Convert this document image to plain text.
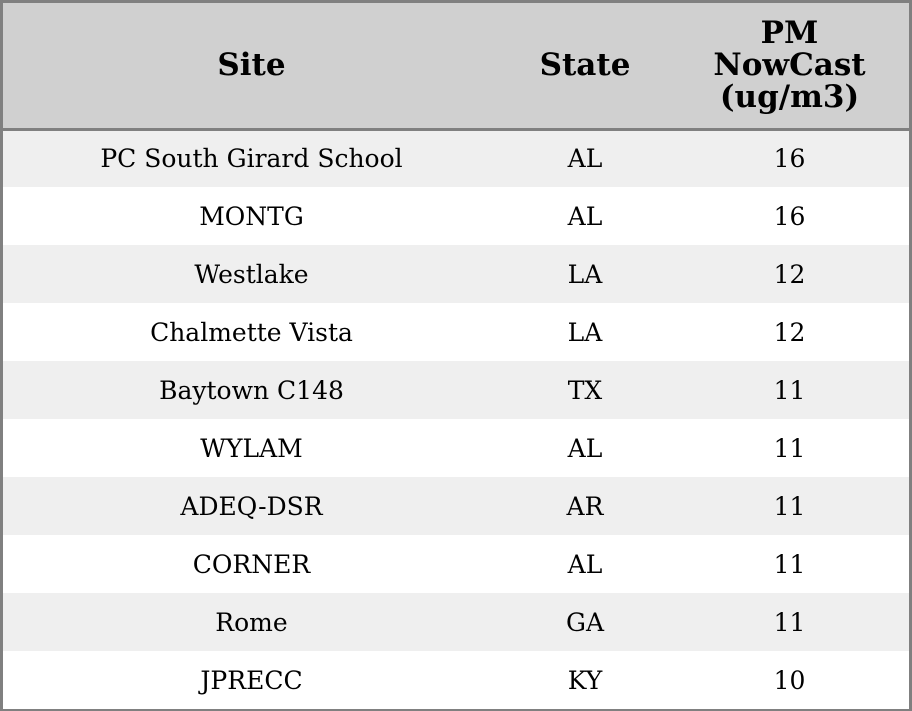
Site	State	PM
NowCast
(ug/m3)

PC South Girard School	AL	16
MONTG	AL	16
Westlake	LA	12
Chalmette Vista	LA	12
Baytown C148	TX	11
WYLAM	AL	11
ADEQ-DSR	AR	11
CORNER	AL	11
Rome	GA	11
JPRECC	KY	10
